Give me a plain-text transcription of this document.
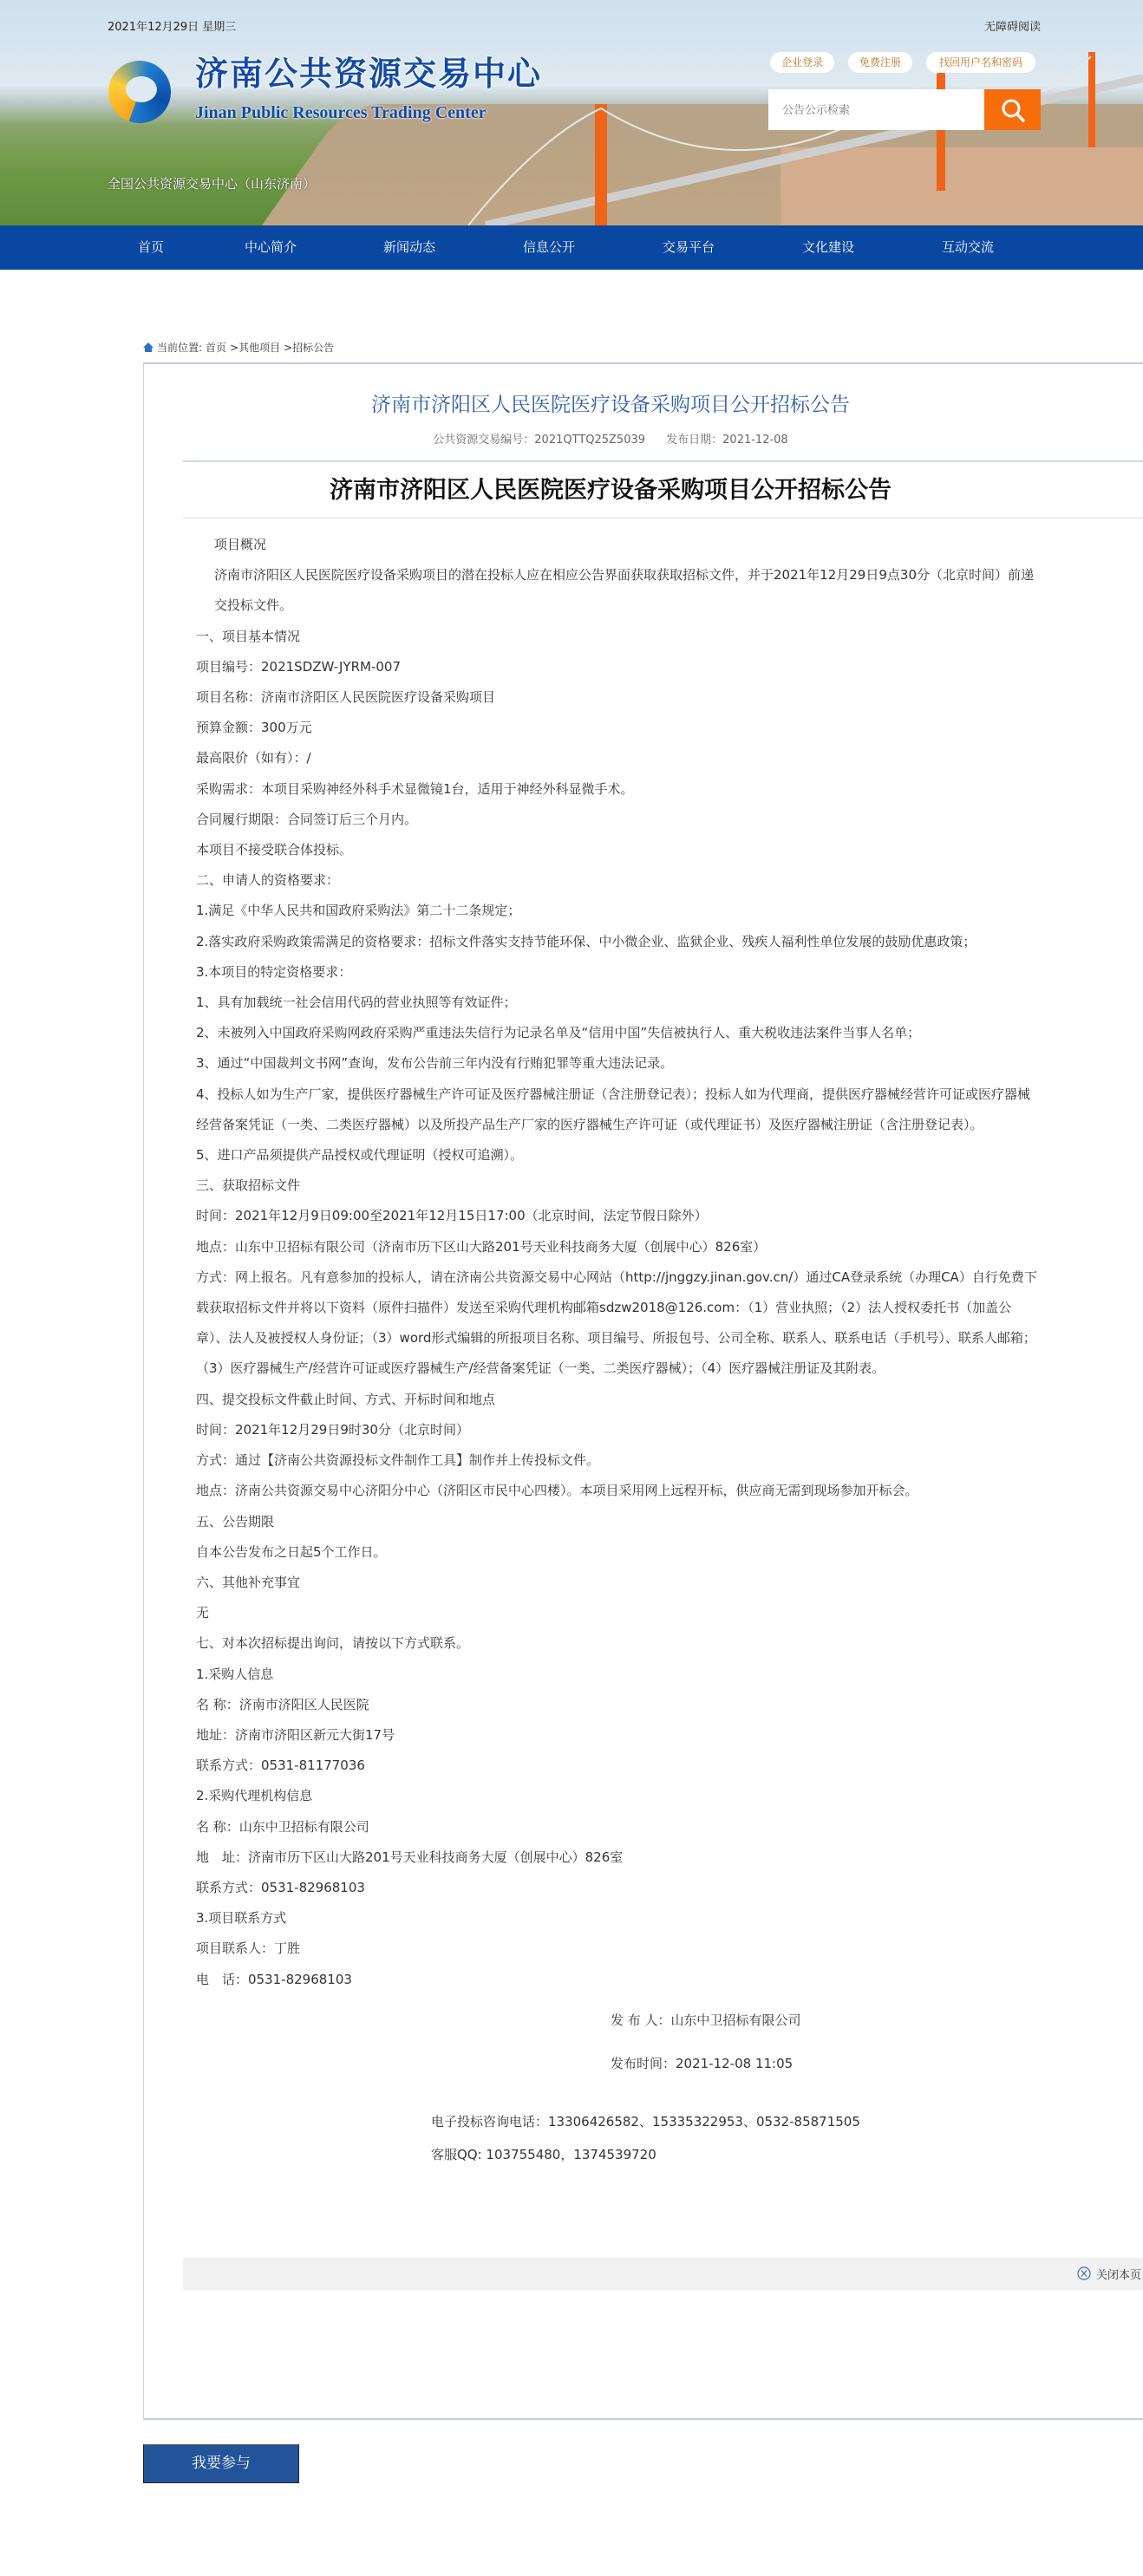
2021年12月29日 星期三	无障碍阅读
济南公共资源交易中心
Jinan Public Resources Trading Center
企业登录	免费注册	找回用户名和密码
公告公示检索
全国公共资源交易中心（山东济南）
首页	中心简介	新闻动态	信息公开	交易平台	文化建设	互动交流
当前位置: 首页 >其他项目 >招标公告
济南市济阳区人民医院医疗设备采购项目公开招标公告
公共资源交易编号：2021QTTQ25Z5039 发布日期：2021-12-08
济南市济阳区人民医院医疗设备采购项目公开招标公告

项目概况

济南市济阳区人民医院医疗设备采购项目的潜在投标人应在相应公告界面获取获取招标文件，并于2021年12月29日9点30分（北京时间）前递交投标文件。

一、项目基本情况

项目编号：2021SDZW-JYRM-007

项目名称：济南市济阳区人民医院医疗设备采购项目

预算金额：300万元

最高限价（如有）：/

采购需求：本项目采购神经外科手术显微镜1台，适用于神经外科显微手术。

合同履行期限：合同签订后三个月内。

本项目不接受联合体投标。

二、申请人的资格要求：

1.满足《中华人民共和国政府采购法》第二十二条规定；

2.落实政府采购政策需满足的资格要求：招标文件落实支持节能环保、中小微企业、监狱企业、残疾人福利性单位发展的鼓励优惠政策；

3.本项目的特定资格要求：

1、具有加载统一社会信用代码的营业执照等有效证件；

2、未被列入中国政府采购网政府采购严重违法失信行为记录名单及“信用中国”失信被执行人、重大税收违法案件当事人名单；

3、通过“中国裁判文书网”查询，发布公告前三年内没有行贿犯罪等重大违法记录。

4、投标人如为生产厂家，提供医疗器械生产许可证及医疗器械注册证（含注册登记表）；投标人如为代理商，提供医疗器械经营许可证或医疗器械经营备案凭证（一类、二类医疗器械）以及所投产品生产厂家的医疗器械生产许可证（或代理证书）及医疗器械注册证（含注册登记表）。

5、进口产品须提供产品授权或代理证明（授权可追溯）。

三、获取招标文件

时间：2021年12月9日09:00至2021年12月15日17:00（北京时间，法定节假日除外）

地点：山东中卫招标有限公司（济南市历下区山大路201号天业科技商务大厦（创展中心）826室）

方式：网上报名。凡有意参加的投标人，请在济南公共资源交易中心网站（http://jnggzy.jinan.gov.cn/）通过CA登录系统（办理CA）自行免费下载获取招标文件并将以下资料（原件扫描件）发送至采购代理机构邮箱sdzw2018@126.com：（1）营业执照；（2）法人授权委托书（加盖公章）、法人及被授权人身份证；（3）word形式编辑的所报项目名称、项目编号、所报包号、公司全称、联系人、联系电话（手机号）、联系人邮箱；（3）医疗器械生产/经营许可证或医疗器械生产/经营备案凭证（一类、二类医疗器械）；（4）医疗器械注册证及其附表。

四、提交投标文件截止时间、方式、开标时间和地点

时间：2021年12月29日9时30分（北京时间）

方式：通过【济南公共资源投标文件制作工具】制作并上传投标文件。

地点：济南公共资源交易中心济阳分中心（济阳区市民中心四楼）。本项目采用网上远程开标，供应商无需到现场参加开标会。

五、公告期限

自本公告发布之日起5个工作日。

六、其他补充事宜

无

七、对本次招标提出询问，请按以下方式联系。

1.采购人信息

名 称：济南市济阳区人民医院

地址：济南市济阳区新元大街17号

联系方式：0531-81177036

2.采购代理机构信息

名 称：山东中卫招标有限公司

地　址：济南市历下区山大路201号天业科技商务大厦（创展中心）826室

联系方式：0531-82968103

3.项目联系方式

项目联系人：丁胜

电　话：0531-82968103

发 布 人：山东中卫招标有限公司

发布时间：2021-12-08 11:05

电子投标咨询电话：13306426582、15335322953、0532-85871505

客服QQ: 103755480，1374539720

关闭本页
我要参与
